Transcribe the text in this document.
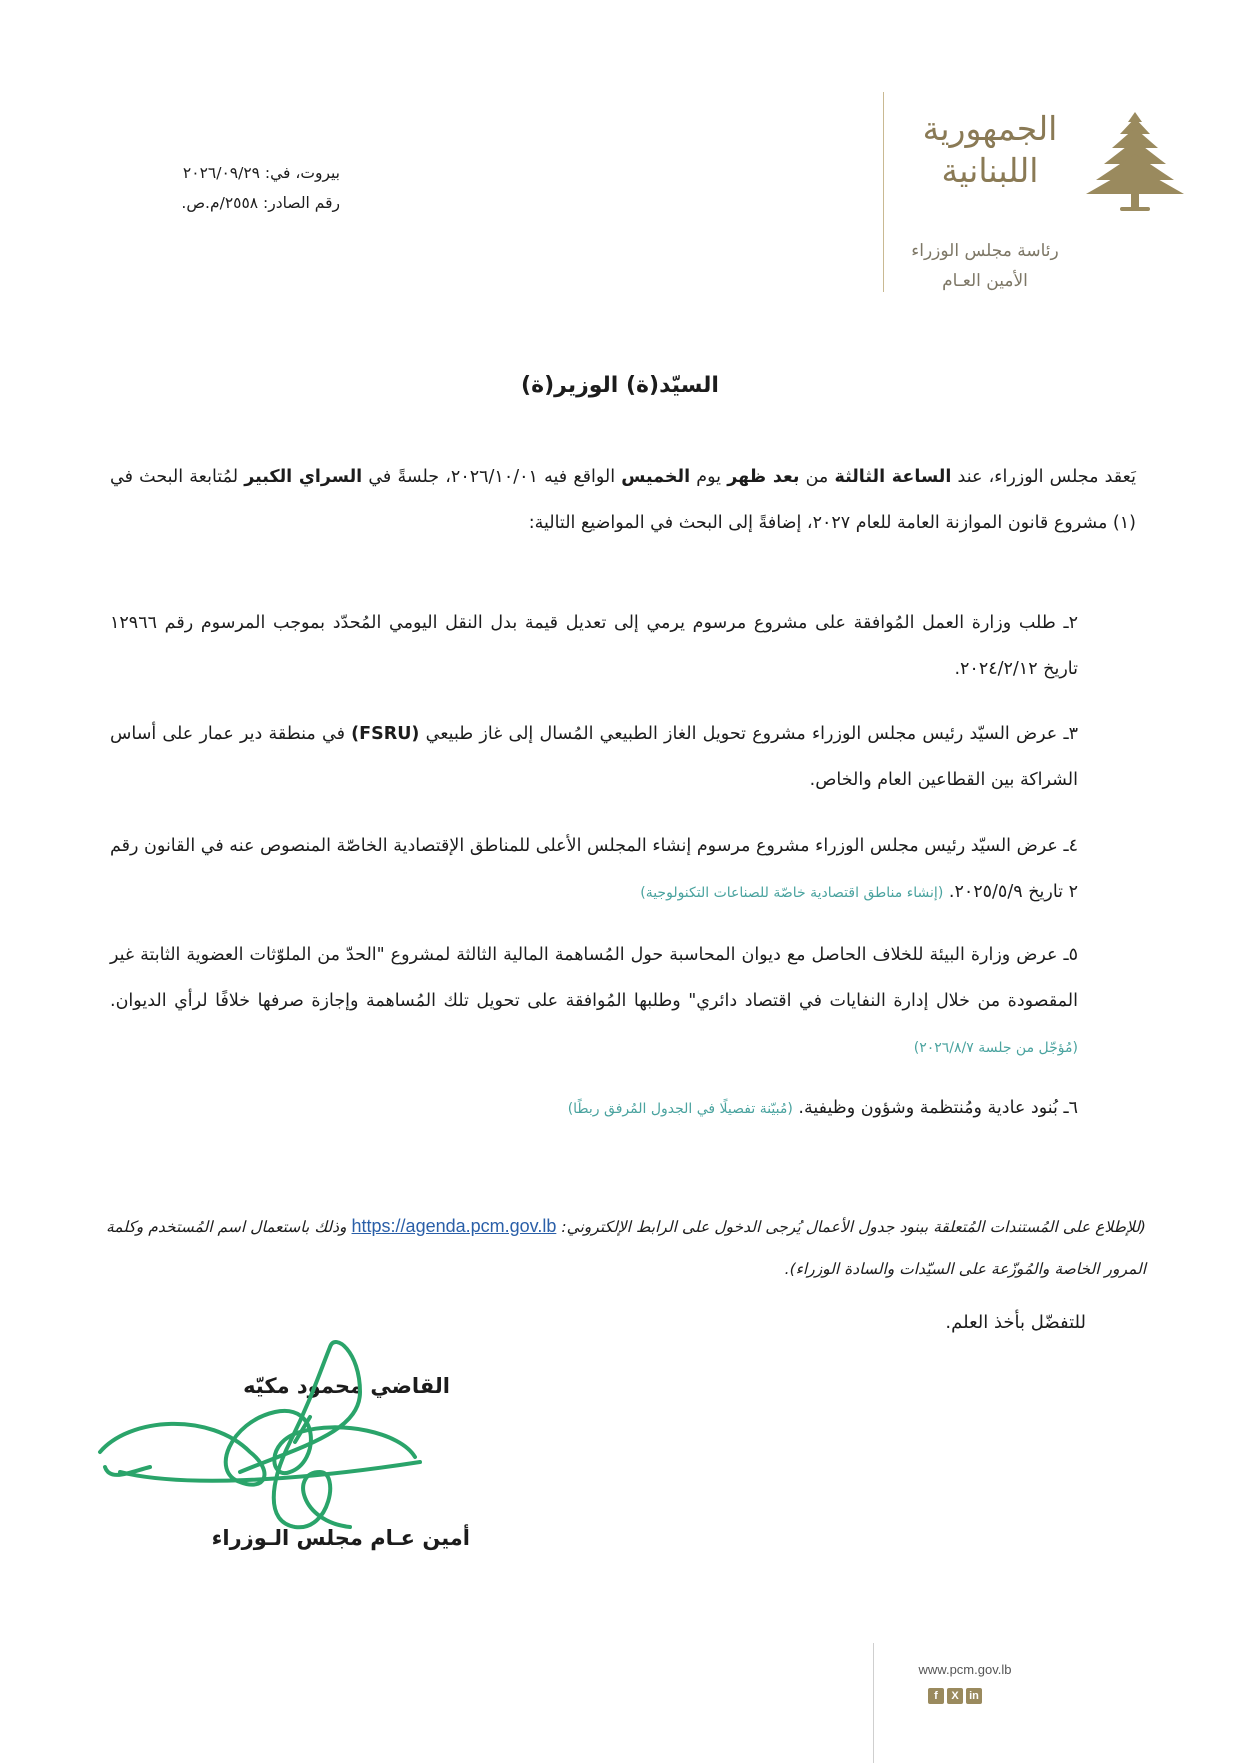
بيروت، في: ٢٠٢٦/٠٩/٢٩
رقم الصادر: ٢٥٥٨/م.ص.
الجمهورية
اللبنانية
رئاسة مجلس الوزراء
الأمين العـام
السيّد(ة) الوزير(ة)
يَعقد مجلس الوزراء، عند الساعة الثالثة من بعد ظهر يوم الخميس الواقع فيه ٢٠٢٦/١٠/٠١، جلسةً في السراي الكبير لمُتابعة البحث في (١) مشروع قانون الموازنة العامة للعام ٢٠٢٧، إضافةً إلى البحث في المواضيع التالية:
٢ـ طلب وزارة العمل المُوافقة على مشروع مرسوم يرمي إلى تعديل قيمة بدل النقل اليومي المُحدّد بموجب المرسوم رقم ١٢٩٦٦ تاريخ ٢٠٢٤/٢/١٢.
٣ـ عرض السيّد رئيس مجلس الوزراء مشروع تحويل الغاز الطبيعي المُسال إلى غاز طبيعي (FSRU) في منطقة دير عمار على أساس الشراكة بين القطاعين العام والخاص.
٤ـ عرض السيّد رئيس مجلس الوزراء مشروع مرسوم إنشاء المجلس الأعلى للمناطق الإقتصادية الخاصّة المنصوص عنه في القانون رقم ٢ تاريخ ٢٠٢٥/٥/٩. (إنشاء مناطق اقتصادية خاصّة للصناعات التكنولوجية)
٥ـ عرض وزارة البيئة للخلاف الحاصل مع ديوان المحاسبة حول المُساهمة المالية الثالثة لمشروع "الحدّ من الملوّثات العضوية الثابتة غير المقصودة من خلال إدارة النفايات في اقتصاد دائري" وطلبها المُوافقة على تحويل تلك المُساهمة وإجازة صرفها خلافًا لرأي الديوان. (مُؤجّل من جلسة ٢٠٢٦/٨/٧)
٦ـ بُنود عادية ومُنتظمة وشؤون وظيفية. (مُبيّنة تفصيلًا في الجدول المُرفق ربطًا)
(للإطلاع على المُستندات المُتعلقة ببنود جدول الأعمال يُرجى الدخول على الرابط الإلكتروني: https://agenda.pcm.gov.lb وذلك باستعمال اسم المُستخدم وكلمة المرور الخاصة والمُوزّعة على السيّدات والسادة الوزراء).
للتفضّل بأخذ العلم.
القاضي محمود مكيّه
أمين عـام مجلس الـوزراء
www.pcm.gov.lb
f	X in
